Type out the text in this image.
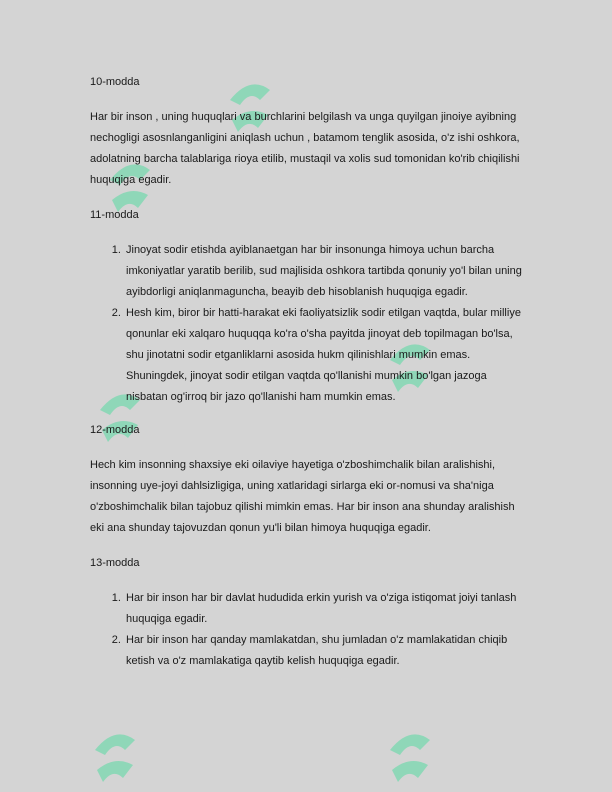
10-modda

Har bir inson , uning huquqlari va burchlarini belgilash va unga quyilgan jinoiye ayibning nechogligi asosnlanganligini aniqlash uchun , batamom tenglik asosida, o'z ishi oshkora, adolatning barcha talablariga rioya etilib, mustaqil va xolis sud tomonidan ko'rib chiqilishi huquqiga egadir.

11-modda

1. Jinoyat sodir etishda ayiblanaetgan har bir insonunga himoya uchun barcha imkoniyatlar yaratib berilib, sud majlisida oshkora tartibda qonuniy yo'l bilan uning ayibdorligi aniqlanmaguncha, beayib deb hisoblanish huquqiga egadir.
2. Hesh kim, biror bir hatti-harakat eki faoliyatsizlik sodir etilgan vaqtda, bular milliye qonunlar eki xalqaro huquqqa ko'ra o'sha payitda jinoyat deb topilmagan bo'lsa, shu jinotatni sodir etganliklarni asosida hukm qilinishlari mumkin emas. Shuningdek, jinoyat sodir etilgan vaqtda qo'llanishi mumkin bo'lgan jazoga nisbatan og'irroq bir jazo qo'llanishi ham mumkin emas.

12-modda

Hech kim insonning shaxsiye eki oilaviye hayetiga o'zboshimchalik bilan aralishishi, insonning uye-joyi dahlsizligiga, uning xatlaridagi sirlarga eki or-nomusi va sha'niga o'zboshimchalik bilan tajobuz qilishi mimkin emas. Har bir inson ana shunday aralishish eki ana shunday tajovuzdan qonun yu'li bilan himoya huquqiga egadir.

13-modda

1. Har bir inson har bir davlat hududida erkin yurish va o'ziga istiqomat joiyi tanlash huquqiga egadir.
2. Har bir inson har qanday mamlakatdan, shu jumladan o'z mamlakatidan chiqib ketish va o'z mamlakatiga qaytib kelish huquqiga egadir.
